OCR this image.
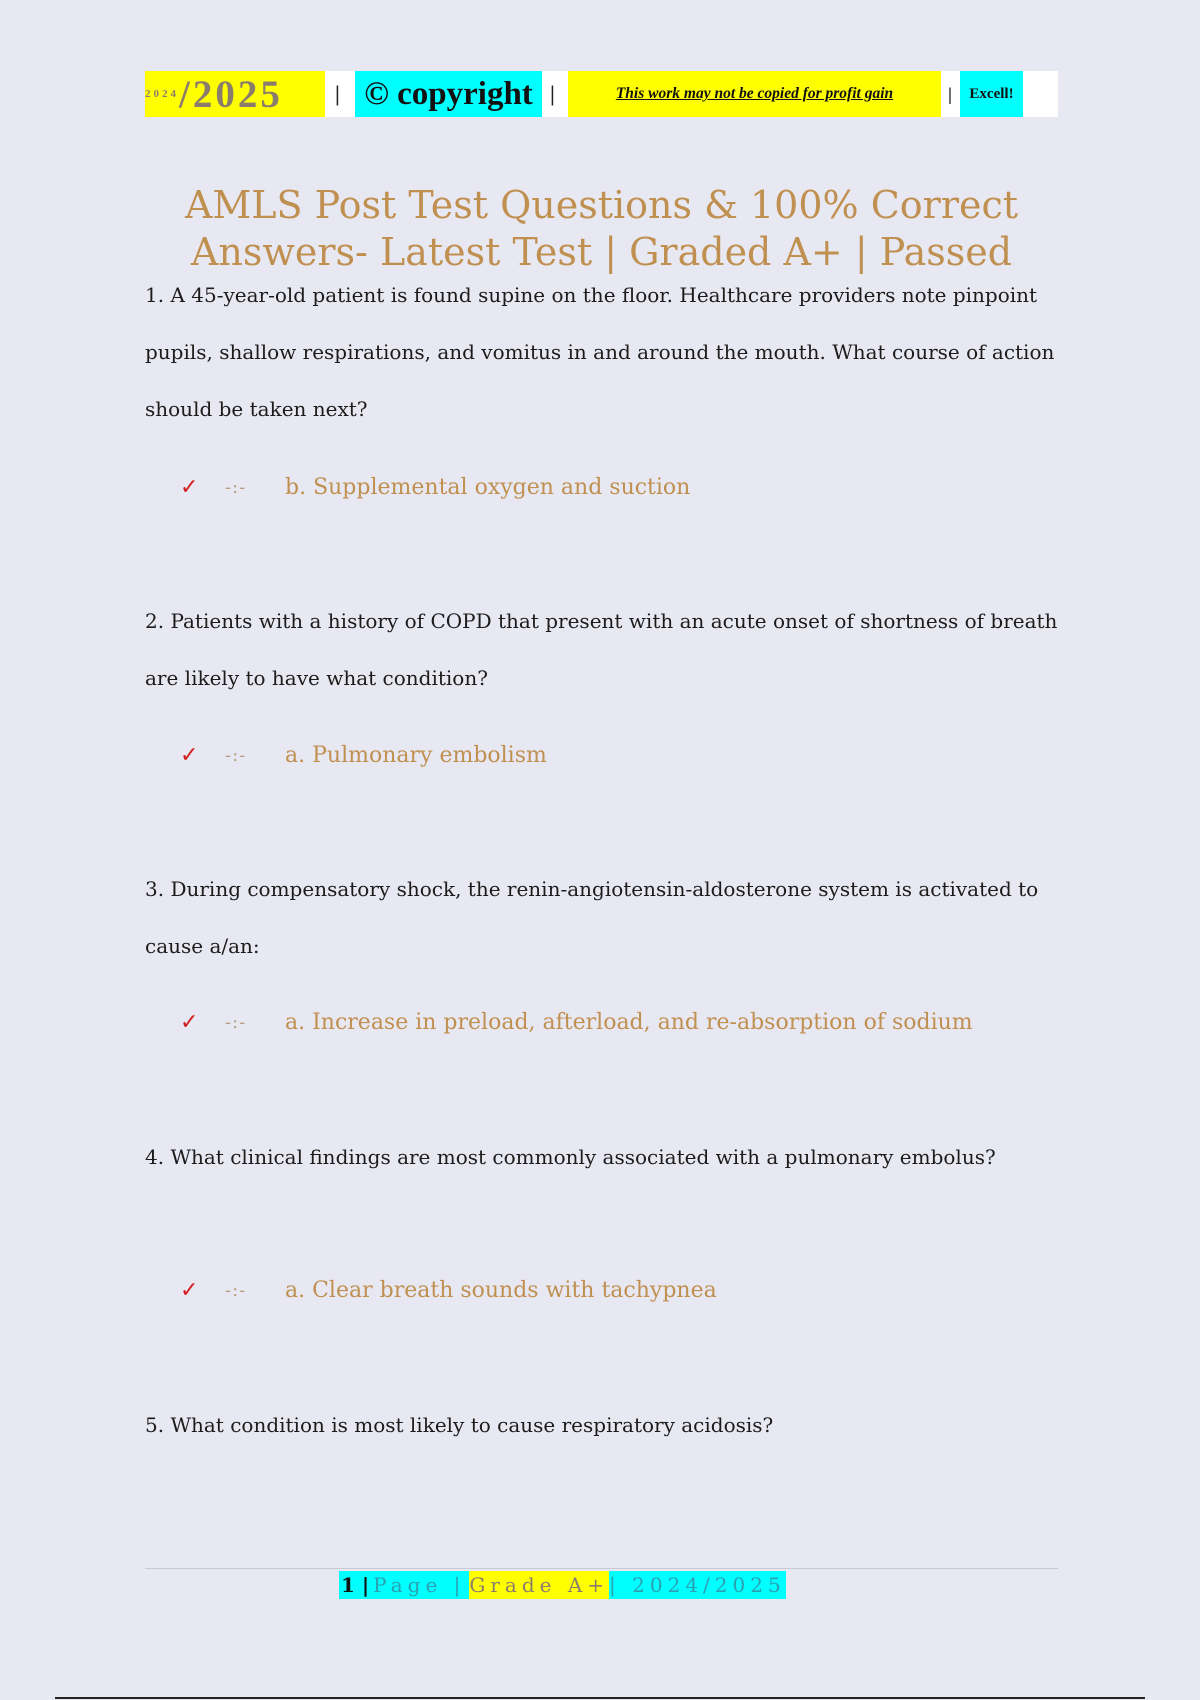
2024 /2025 | © copyright |	This work may not be copied for profit gain	|	Excell!
AMLS Post Test Questions & 100% Correct Answers- Latest Test | Graded A+ | Passed
1. A 45-year-old patient is found supine on the floor. Healthcare providers note pinpoint pupils, shallow respirations, and vomitus in and around the mouth. What course of action should be taken next?
✓	-:-	b. Supplemental oxygen and suction
2. Patients with a history of COPD that present with an acute onset of shortness of breath are likely to have what condition?
✓	-:-	a. Pulmonary embolism
3. During compensatory shock, the renin-angiotensin-aldosterone system is activated to cause a/an:
✓	-:-	a. Increase in preload, afterload, and re-absorption of sodium
4. What clinical findings are most commonly associated with a pulmonary embolus?
✓	-:-	a. Clear breath sounds with tachypnea
5. What condition is most likely to cause respiratory acidosis?
1 | Page | Grade A+ | 2024/2025
